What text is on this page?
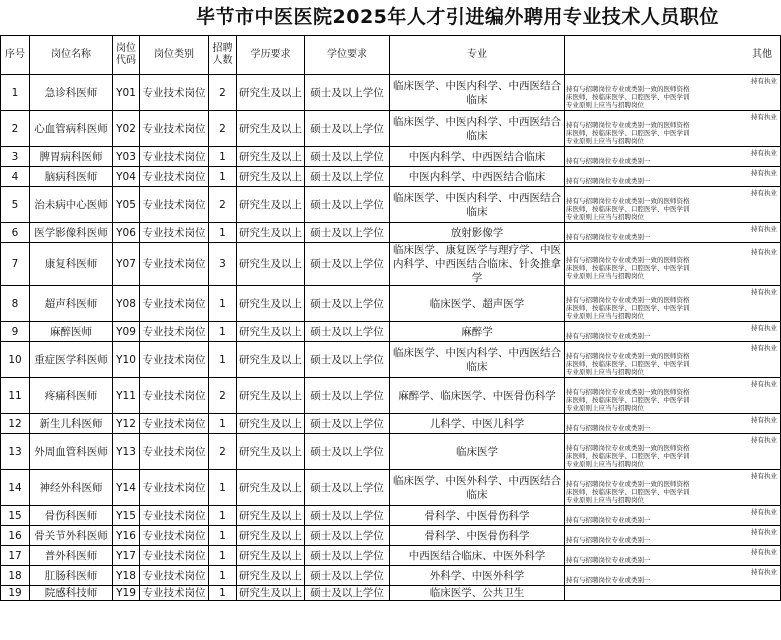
毕节市中医医院2025年人才引进编外聘用专业技术人员职位
序号	岗位名称	岗位代码	岗位类别	招聘人数	学历要求	学位要求	专业	其他
1	急诊科医师	Y01	专业技术岗位	2	研究生及以上	硕士及以上学位	临床医学、中医内科学、中西医结合临床	持有执业
持有与招聘岗位专业或类别一致的医师资格
床医师，按临床医学、口腔医学、中医学训
专业原则上应当与招聘岗位

2	心血管病科医师	Y02	专业技术岗位	2	研究生及以上	硕士及以上学位	临床医学、中医内科学、中西医结合临床	持有执业
持有与招聘岗位专业或类别一致的医师资格
床医师，按临床医学、口腔医学、中医学训
专业原则上应当与招聘岗位

3	脾胃病科医师	Y03	专业技术岗位	1	研究生及以上	硕士及以上学位	中医内科学、中西医结合临床	持有执业
持有与招聘岗位专业或类别一

4	脑病科医师	Y04	专业技术岗位	1	研究生及以上	硕士及以上学位	中医内科学、中西医结合临床	持有执业
持有与招聘岗位专业或类别一

5	治未病中心医师	Y05	专业技术岗位	2	研究生及以上	硕士及以上学位	临床医学、中医内科学、中西医结合临床	持有执业
持有与招聘岗位专业或类别一致的医师资格
床医师，按临床医学、口腔医学、中医学训
专业原则上应当与招聘岗位

6	医学影像科医师	Y06	专业技术岗位	1	研究生及以上	硕士及以上学位	放射影像学	持有执业
持有与招聘岗位专业或类别一

7	康复科医师	Y07	专业技术岗位	3	研究生及以上	硕士及以上学位	临床医学、康复医学与理疗学、中医内科学、中西医结合临床、针灸推拿学	持有执业
持有与招聘岗位专业或类别一致的医师资格
床医师，按临床医学、口腔医学、中医学训
专业原则上应当与招聘岗位

8	超声科医师	Y08	专业技术岗位	1	研究生及以上	硕士及以上学位	临床医学、超声医学	持有执业
持有与招聘岗位专业或类别一致的医师资格
床医师，按临床医学、口腔医学、中医学训
专业原则上应当与招聘岗位

9	麻醉医师	Y09	专业技术岗位	1	研究生及以上	硕士及以上学位	麻醉学	持有执业
持有与招聘岗位专业或类别一

10	重症医学科医师	Y10	专业技术岗位	1	研究生及以上	硕士及以上学位	临床医学、中医内科学、中西医结合临床	持有执业
持有与招聘岗位专业或类别一致的医师资格
床医师，按临床医学、口腔医学、中医学训
专业原则上应当与招聘岗位

11	疼痛科医师	Y11	专业技术岗位	2	研究生及以上	硕士及以上学位	麻醉学、临床医学、中医骨伤科学	持有执业
持有与招聘岗位专业或类别一致的医师资格
床医师，按临床医学、口腔医学、中医学训
专业原则上应当与招聘岗位

12	新生儿科医师	Y12	专业技术岗位	1	研究生及以上	硕士及以上学位	儿科学、中医儿科学	持有执业
持有与招聘岗位专业或类别一

13	外周血管科医师	Y13	专业技术岗位	2	研究生及以上	硕士及以上学位	临床医学	持有执业
持有与招聘岗位专业或类别一致的医师资格
床医师，按临床医学、口腔医学、中医学训
专业原则上应当与招聘岗位

14	神经外科医师	Y14	专业技术岗位	1	研究生及以上	硕士及以上学位	临床医学、中医外科学、中西医结合临床	持有执业
持有与招聘岗位专业或类别一致的医师资格
床医师，按临床医学、口腔医学、中医学训
专业原则上应当与招聘岗位

15	骨伤科医师	Y15	专业技术岗位	1	研究生及以上	硕士及以上学位	骨科学、中医骨伤科学	持有执业
持有与招聘岗位专业或类别一

16	骨关节外科医师	Y16	专业技术岗位	1	研究生及以上	硕士及以上学位	骨科学、中医骨伤科学	持有执业
持有与招聘岗位专业或类别一

17	普外科医师	Y17	专业技术岗位	1	研究生及以上	硕士及以上学位	中西医结合临床、中医外科学	持有执业
持有与招聘岗位专业或类别一

18	肛肠科医师	Y18	专业技术岗位	1	研究生及以上	硕士及以上学位	外科学、中医外科学	持有执业
持有与招聘岗位专业或类别一

19	院感科技师	Y19	专业技术岗位	1	研究生及以上	硕士及以上学位	临床医学、公共卫生	
